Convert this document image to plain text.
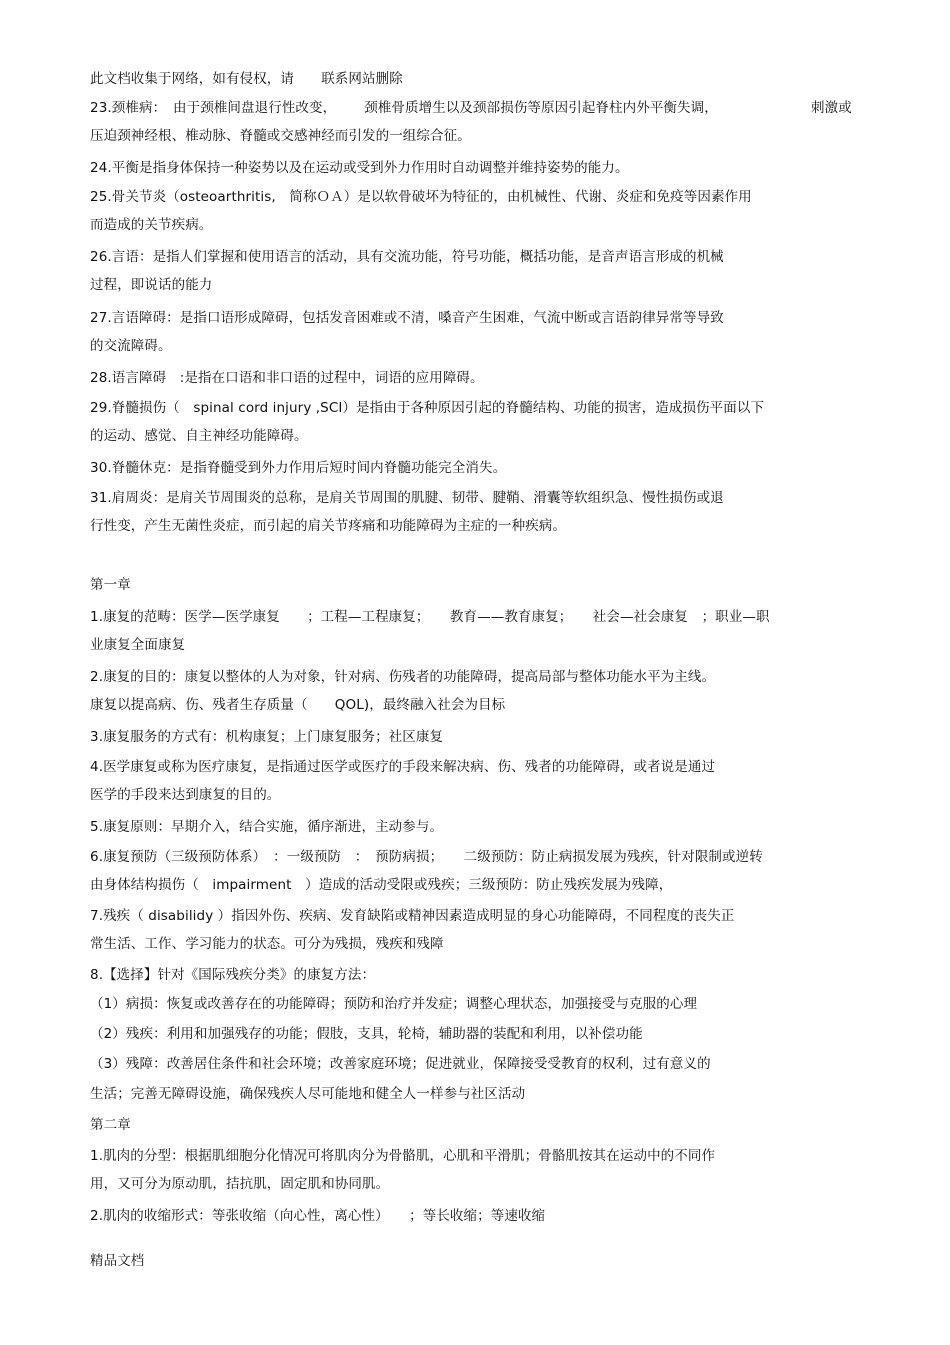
此文档收集于网络，如有侵权，请　　联系网站删除
23.颈椎病：　由于颈椎间盘退行性改变， 颈椎骨质增生以及颈部损伤等原因引起脊柱内外平衡失调，	刺激或
压迫颈神经根、椎动脉、脊髓或交感神经而引发的一组综合征。
24.平衡是指身体保持一种姿势以及在运动或受到外力作用时自动调整并维持姿势的能力。
25.骨关节炎（osteoarthritis,　简称ＯＡ）是以软骨破坏为特征的，由机械性、代谢、炎症和免疫等因素作用
而造成的关节疾病。
26.言语：是指人们掌握和使用语言的活动，具有交流功能，符号功能，概括功能，是音声语言形成的机械
过程，即说话的能力
27.言语障碍：是指口语形成障碍，包括发音困难或不清，嗓音产生困难，气流中断或言语韵律异常等导致
的交流障碍。
28.语言障碍　:是指在口语和非口语的过程中，词语的应用障碍。
29.脊髓损伤（　spinal cord injury ,SCI）是指由于各种原因引起的脊髓结构、功能的损害，造成损伤平面以下
的运动、感觉、自主神经功能障碍。
30.脊髓休克：是指脊髓受到外力作用后短时间内脊髓功能完全消失。
31.肩周炎：是肩关节周围炎的总称，是肩关节周围的肌腱、韧带、腱鞘、滑囊等软组织急、慢性损伤或退
行性变，产生无菌性炎症，而引起的肩关节疼痛和功能障碍为主症的一种疾病。
第一章
1.康复的范畴：医学—医学康复　　；工程—工程康复；　　教育——教育康复；　　社会—社会康复　；职业—职
业康复全面康复
2.康复的目的：康复以整体的人为对象，针对病、伤残者的功能障碍，提高局部与整体功能水平为主线。
康复以提高病、伤、残者生存质量（　　QOL)，最终融入社会为目标
3.康复服务的方式有：机构康复；上门康复服务；社区康复
4.医学康复或称为医疗康复，是指通过医学或医疗的手段来解决病、伤、残者的功能障碍，或者说是通过
医学的手段来达到康复的目的。
5.康复原则：早期介入，结合实施，循序渐进，主动参与。
6.康复预防（三级预防体系）　：一级预防　：　预防病损；　　二级预防：防止病损发展为残疾，针对限制或逆转
由身体结构损伤（　impairment　）造成的活动受限或残疾；三级预防：防止残疾发展为残障，
7.残疾（ disabilidy ）指因外伤、疾病、发育缺陷或精神因素造成明显的身心功能障碍，不同程度的丧失正
常生活、工作、学习能力的状态。可分为残损，残疾和残障
8.【选择】针对《国际残疾分类》的康复方法：
（1）病损：恢复或改善存在的功能障碍；预防和治疗并发症；调整心理状态，加强接受与克服的心理
（2）残疾：利用和加强残存的功能；假肢，支具，轮椅，辅助器的装配和利用，以补偿功能
（3）残障：改善居住条件和社会环境；改善家庭环境；促进就业，保障接受受教育的权利，过有意义的
生活；完善无障碍设施，确保残疾人尽可能地和健全人一样参与社区活动
第二章
1.肌肉的分型：根据肌细胞分化情况可将肌肉分为骨骼肌，心肌和平滑肌；骨骼肌按其在运动中的不同作
用，又可分为原动肌，拮抗肌，固定肌和协同肌。
2.肌肉的收缩形式：等张收缩（向心性，离心性）　　；等长收缩；等速收缩
精品文档
